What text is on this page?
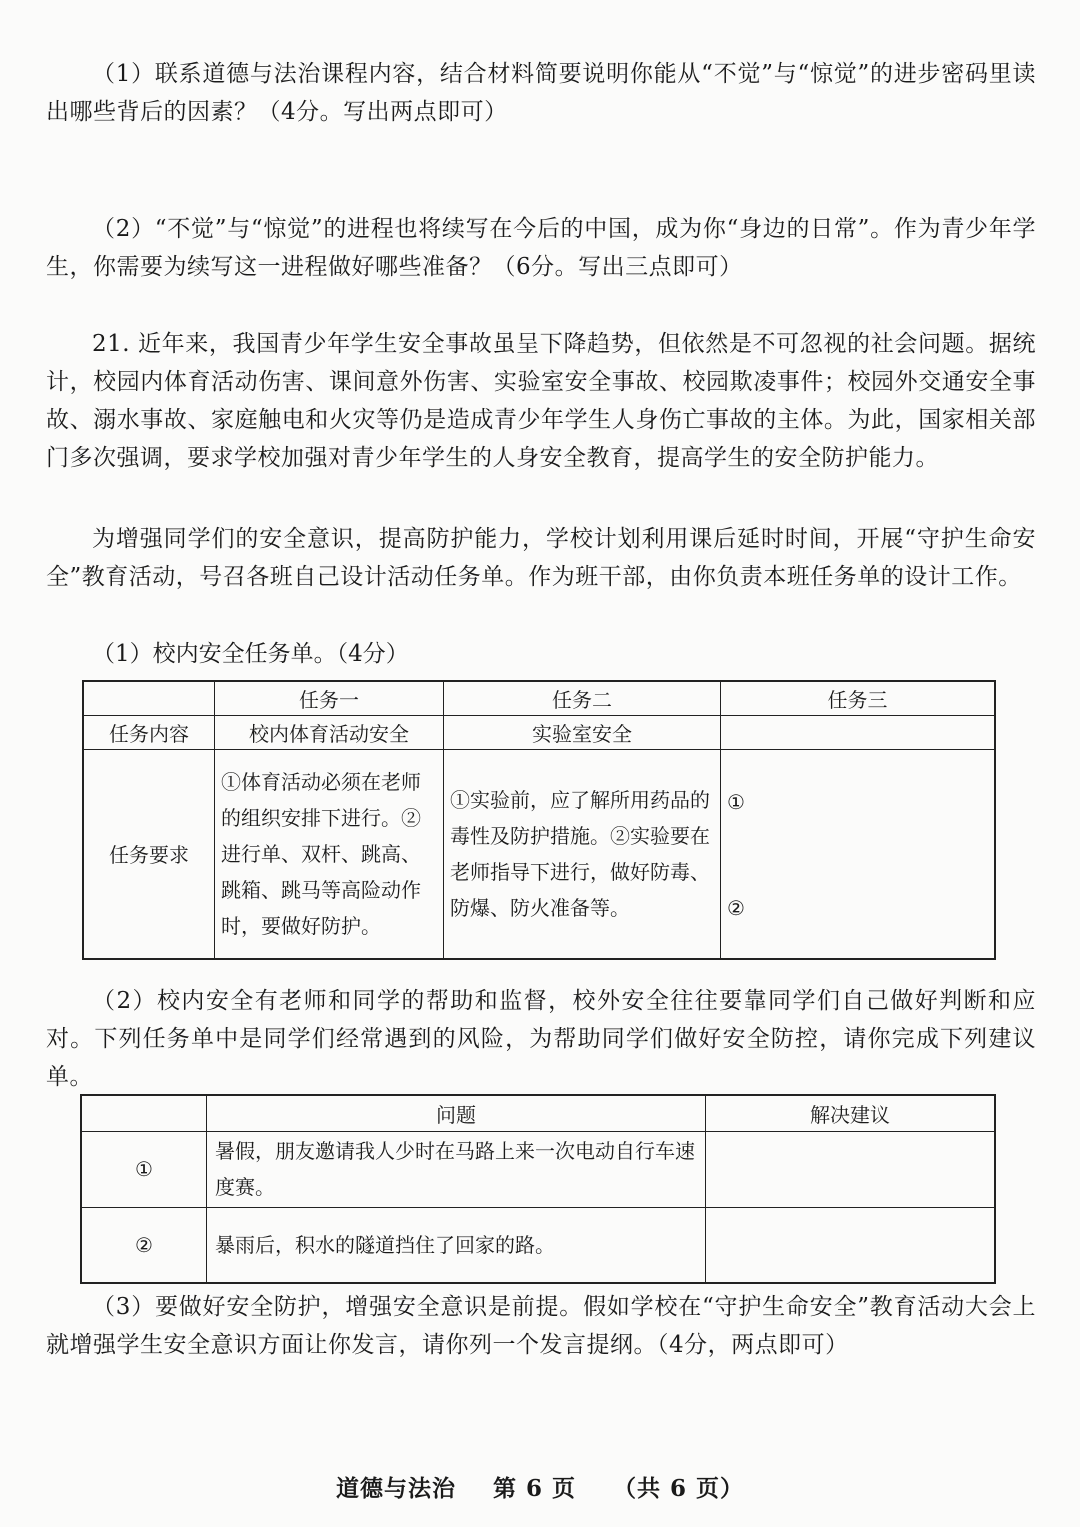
（1）联系道德与法治课程内容，结合材料简要说明你能从“不觉”与“惊觉”的进步密码里读出哪些背后的因素？（4分。写出两点即可）

（2）“不觉”与“惊觉”的进程也将续写在今后的中国，成为你“身边的日常”。作为青少年学生，你需要为续写这一进程做好哪些准备？（6分。写出三点即可）

21. 近年来，我国青少年学生安全事故虽呈下降趋势，但依然是不可忽视的社会问题。据统计，校园内体育活动伤害、课间意外伤害、实验室安全事故、校园欺凌事件；校园外交通安全事故、溺水事故、家庭触电和火灾等仍是造成青少年学生人身伤亡事故的主体。为此，国家相关部门多次强调，要求学校加强对青少年学生的人身安全教育，提高学生的安全防护能力。

为增强同学们的安全意识，提高防护能力，学校计划利用课后延时时间，开展“守护生命安全”教育活动，号召各班自己设计活动任务单。作为班干部，由你负责本班任务单的设计工作。

（1）校内安全任务单。（4分）

	任务一	任务二	任务三
任务内容	校内体育活动安全	实验室安全	
任务要求	①体育活动必须在老师的组织安排下进行。②进行单、双杆、跳高、跳箱、跳马等高险动作时，要做好防护。	①实验前，应了解所用药品的毒性及防护措施。②实验要在老师指导下进行，做好防毒、防爆、防火准备等。	①
②

（2）校内安全有老师和同学的帮助和监督，校外安全往往要靠同学们自己做好判断和应对。下列任务单中是同学们经常遇到的风险，为帮助同学们做好安全防控，请你完成下列建议单。

	问题	解决建议
①	暑假，朋友邀请我人少时在马路上来一次电动自行车速度赛。	
②	暴雨后，积水的隧道挡住了回家的路。	

（3）要做好安全防护，增强安全意识是前提。假如学校在“守护生命安全”教育活动大会上就增强学生安全意识方面让你发言，请你列一个发言提纲。（4分，两点即可）

道德与法治 第 6 页 （共 6 页）
